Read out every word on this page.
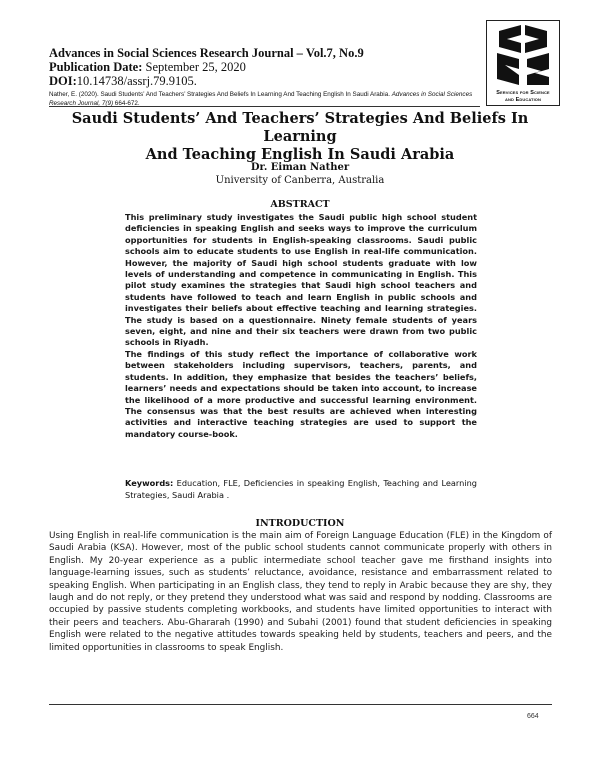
Advances in Social Sciences Research Journal – Vol.7, No.9
Publication Date: September 25, 2020
DOI:10.14738/assrj.79.9105.
Nather, E. (2020). Saudi Students’ And Teachers’ Strategies And Beliefs In Learning And Teaching English In Saudi Arabia. Advances in Social Sciences Research Journal, 7(9) 664-672.
Services for Science
and Education
Saudi Students’ And Teachers’ Strategies And Beliefs In Learning
And Teaching English In Saudi Arabia
Dr. Eiman Nather
University of Canberra, Australia
ABSTRACT

This preliminary study investigates the Saudi public high school student deficiencies in speaking English and seeks ways to improve the curriculum opportunities for students in English-speaking classrooms. Saudi public schools aim to educate students to use English in real-life communication. However, the majority of Saudi high school students graduate with low levels of understanding and competence in communicating in English. This pilot study examines the strategies that Saudi high school teachers and students have followed to teach and learn English in public schools and investigates their beliefs about effective teaching and learning strategies. The study is based on a questionnaire. Ninety female students of years seven, eight, and nine and their six teachers were drawn from two public schools in Riyadh.

The findings of this study reflect the importance of collaborative work between stakeholders including supervisors, teachers, parents, and students. In addition, they emphasize that besides the teachers’ beliefs, learners’ needs and expectations should be taken into account, to increase the likelihood of a more productive and successful learning environment. The consensus was that the best results are achieved when interesting activities and interactive teaching strategies are used to support the mandatory course-book.

Keywords: Education, FLE, Deficiencies in speaking English, Teaching and Learning Strategies, Saudi Arabia .
INTRODUCTION

Using English in real-life communication is the main aim of Foreign Language Education (FLE) in the Kingdom of Saudi Arabia (KSA). However, most of the public school students cannot communicate properly with others in English. My 20-year experience as a public intermediate school teacher gave me firsthand insights into language-learning issues, such as students’ reluctance, avoidance, resistance and embarrassment related to speaking English. When participating in an English class, they tend to reply in Arabic because they are shy, they laugh and do not reply, or they pretend they understood what was said and respond by nodding. Classrooms are occupied by passive students completing workbooks, and students have limited opportunities to interact with their peers and teachers. Abu-Ghararah (1990) and Subahi (2001) found that student deficiencies in speaking English were related to the negative attitudes towards speaking held by students, teachers and peers, and the limited opportunities in classrooms to speak English.

664
